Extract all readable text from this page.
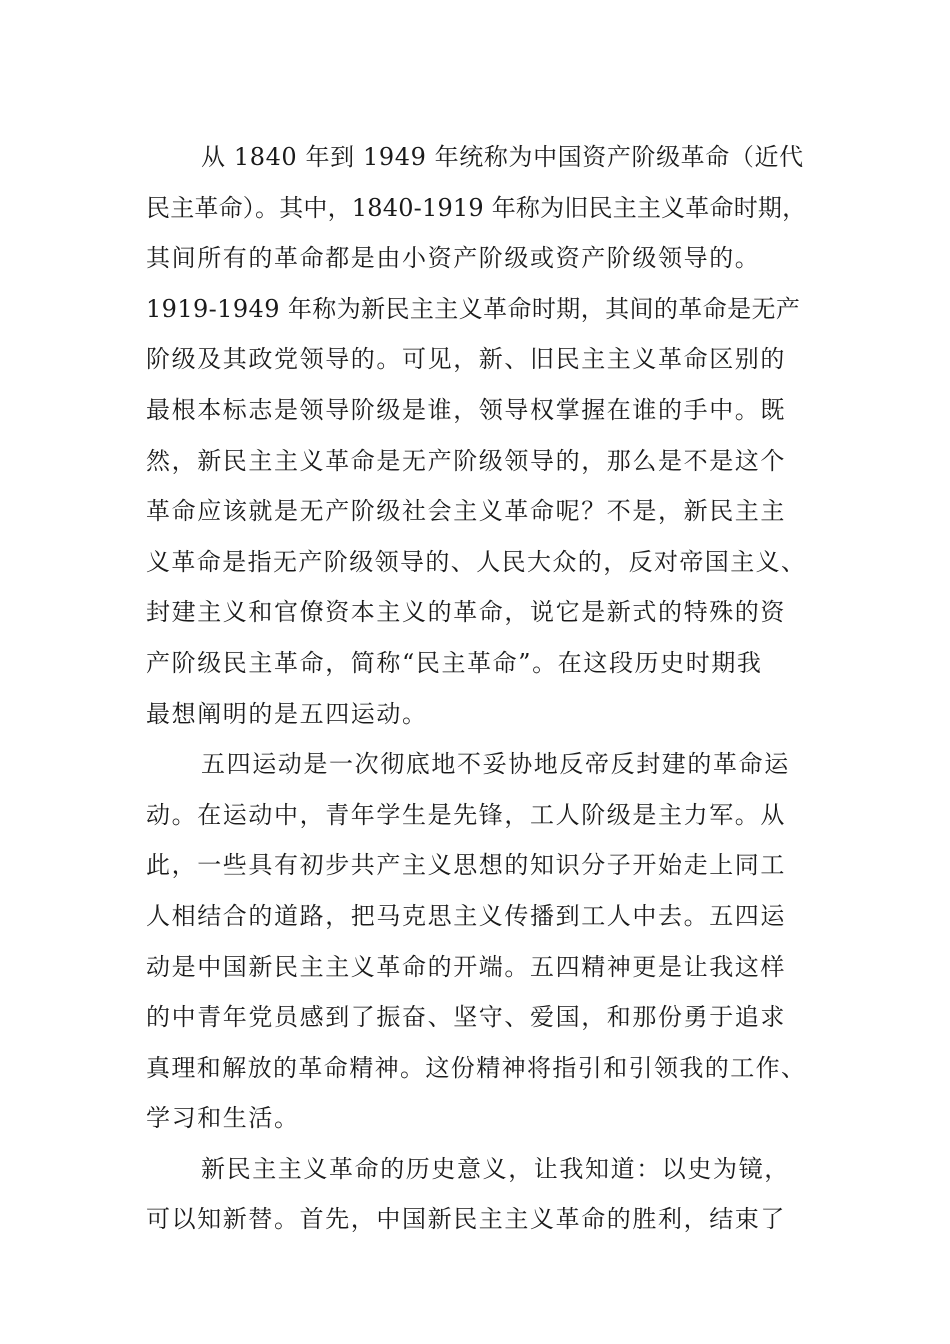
从 1840 年到 1949 年统称为中国资产阶级革命（近代
民主革命）。其中，1840-1919 年称为旧民主主义革命时期，
其间所有的革命都是由小资产阶级或资产阶级领导的。
1919-1949 年称为新民主主义革命时期，其间的革命是无产
阶级及其政党领导的。可见，新、旧民主主义革命区别的
最根本标志是领导阶级是谁，领导权掌握在谁的手中。既
然，新民主主义革命是无产阶级领导的，那么是不是这个
革命应该就是无产阶级社会主义革命呢？不是，新民主主
义革命是指无产阶级领导的、人民大众的，反对帝国主义、
封建主义和官僚资本主义的革命，说它是新式的特殊的资
产阶级民主革命，简称“民主革命”。在这段历史时期我
最想阐明的是五四运动。
五四运动是一次彻底地不妥协地反帝反封建的革命运
动。在运动中，青年学生是先锋，工人阶级是主力军。从
此，一些具有初步共产主义思想的知识分子开始走上同工
人相结合的道路，把马克思主义传播到工人中去。五四运
动是中国新民主主义革命的开端。五四精神更是让我这样
的中青年党员感到了振奋、坚守、爱国，和那份勇于追求
真理和解放的革命精神。这份精神将指引和引领我的工作、
学习和生活。
新民主主义革命的历史意义，让我知道：以史为镜，
可以知新替。首先，中国新民主主义革命的胜利，结束了
